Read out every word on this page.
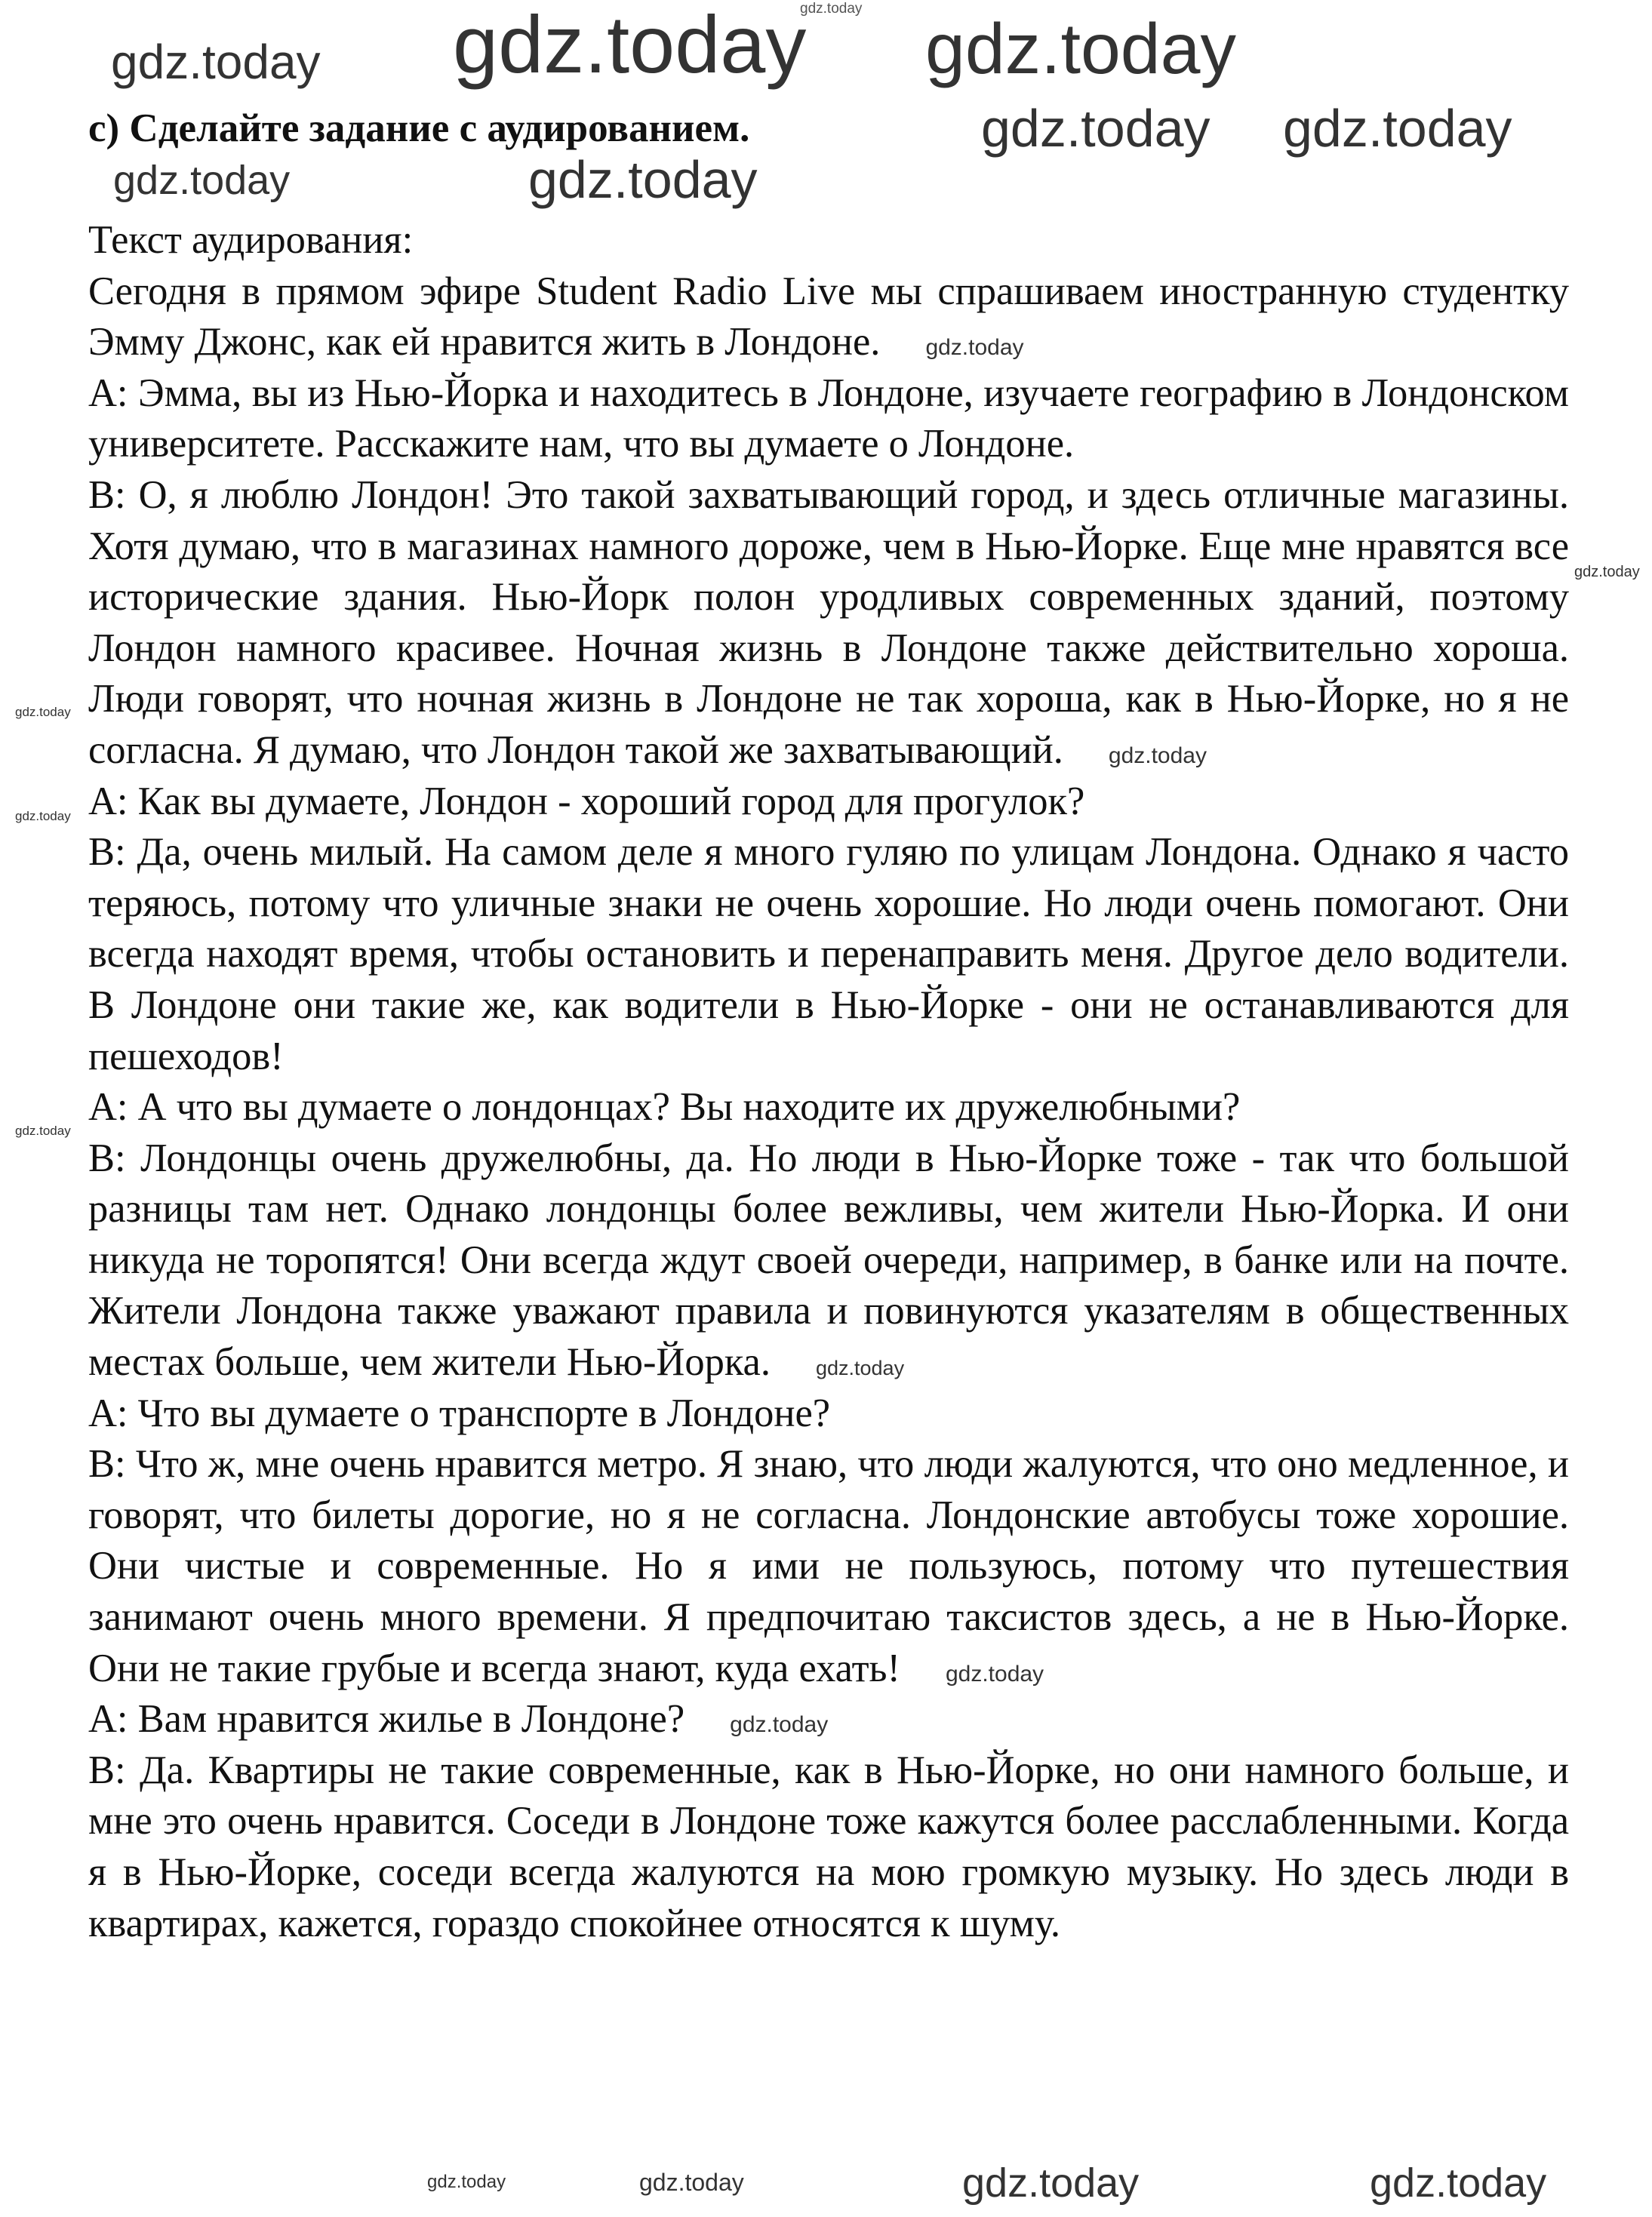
с) Сделайте задание с аудированием.

Текст аудирования:

Сегодня в прямом эфире Student Radio Live мы спрашиваем иностранную студентку Эмму Джонс, как ей нравится жить в Лондоне. gdz.today

А: Эмма, вы из Нью-Йорка и находитесь в Лондоне, изучаете географию в Лондонском университете. Расскажите нам, что вы думаете о Лондоне.

В: О, я люблю Лондон! Это такой захватывающий город, и здесь отличные магазины. Хотя думаю, что в магазинах намного дороже, чем в Нью-Йорке. Еще мне нравятся все исторические здания. Нью-Йорк полон уродливых современных зданий, поэтому Лондон намного красивее. Ночная жизнь в Лондоне также действительно хороша. Люди говорят, что ночная жизнь в Лондоне не так хороша, как в Нью-Йорке, но я не согласна. Я думаю, что Лондон такой же захватывающий. gdz.today

А: Как вы думаете, Лондон - хороший город для прогулок?

В: Да, очень милый. На самом деле я много гуляю по улицам Лондона. Однако я часто теряюсь, потому что уличные знаки не очень хорошие. Но люди очень помогают. Они всегда находят время, чтобы остановить и перенаправить меня. Другое дело водители. В Лондоне они такие же, как водители в Нью-Йорке - они не останавливаются для пешеходов!

А: А что вы думаете о лондонцах? Вы находите их дружелюбными?

В: Лондонцы очень дружелюбны, да. Но люди в Нью-Йорке тоже - так что большой разницы там нет. Однако лондонцы более вежливы, чем жители Нью-Йорка. И они никуда не торопятся! Они всегда ждут своей очереди, например, в банке или на почте. Жители Лондона также уважают правила и повинуются указателям в общественных местах больше, чем жители Нью-Йорка. gdz.today

А: Что вы думаете о транспорте в Лондоне?

В: Что ж, мне очень нравится метро. Я знаю, что люди жалуются, что оно медленное, и говорят, что билеты дорогие, но я не согласна. Лондонские автобусы тоже хорошие. Они чистые и современные. Но я ими не пользуюсь, потому что путешествия занимают очень много времени. Я предпочитаю таксистов здесь, а не в Нью-Йорке. Они не такие грубые и всегда знают, куда ехать! gdz.today

А: Вам нравится жилье в Лондоне? gdz.today

В: Да. Квартиры не такие современные, как в Нью-Йорке, но они намного больше, и мне это очень нравится. Соседи в Лондоне тоже кажутся более расслабленными. Когда я в Нью-Йорке, соседи всегда жалуются на мою громкую музыку. Но здесь люди в квартирах, кажется, гораздо спокойнее относятся к шуму.

gdz.today
gdz.today	gdz.today
gdz.today
gdz.today gdz.today
gdz.today	gdz.today
gdz.today
gdz.today
gdz.today
gdz.today
gdz.today	gdz.today
gdz.today	gdz.today
